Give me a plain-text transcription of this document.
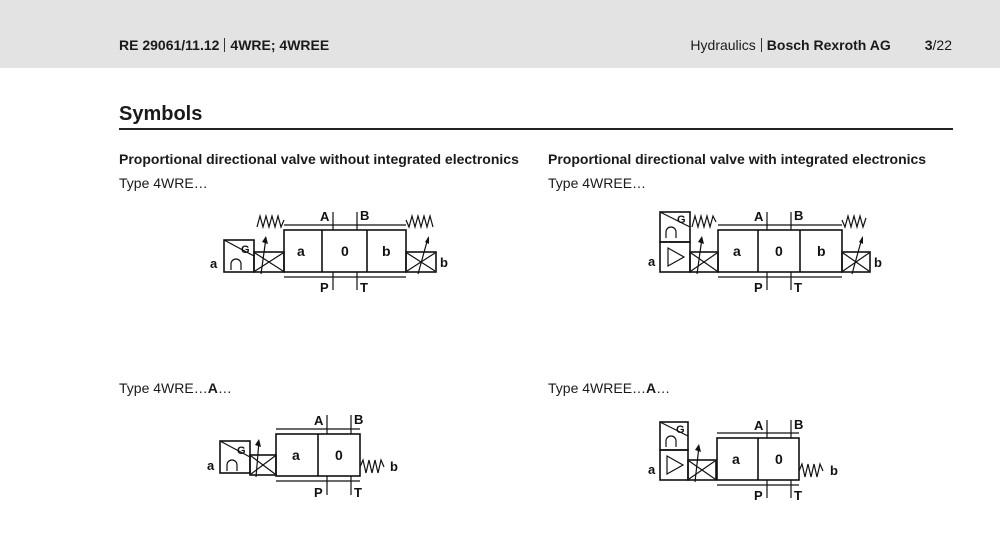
RE 29061/11.12 4WRE; 4WREE	Hydraulics Bosch Rexroth AG 3/22
Symbols
Proportional directional valve without integrated electronics Proportional directional valve with integrated electronics
Type 4WRE…	Type 4WREE…
Type 4WRE…A…	Type 4WREE…A…
G
a
a	0 b
A B
P T
b
G
a
a 0 b
A B
P T
b
G
a
a	0
A B
P T
b
G
a
a	0
A B
P T
b
